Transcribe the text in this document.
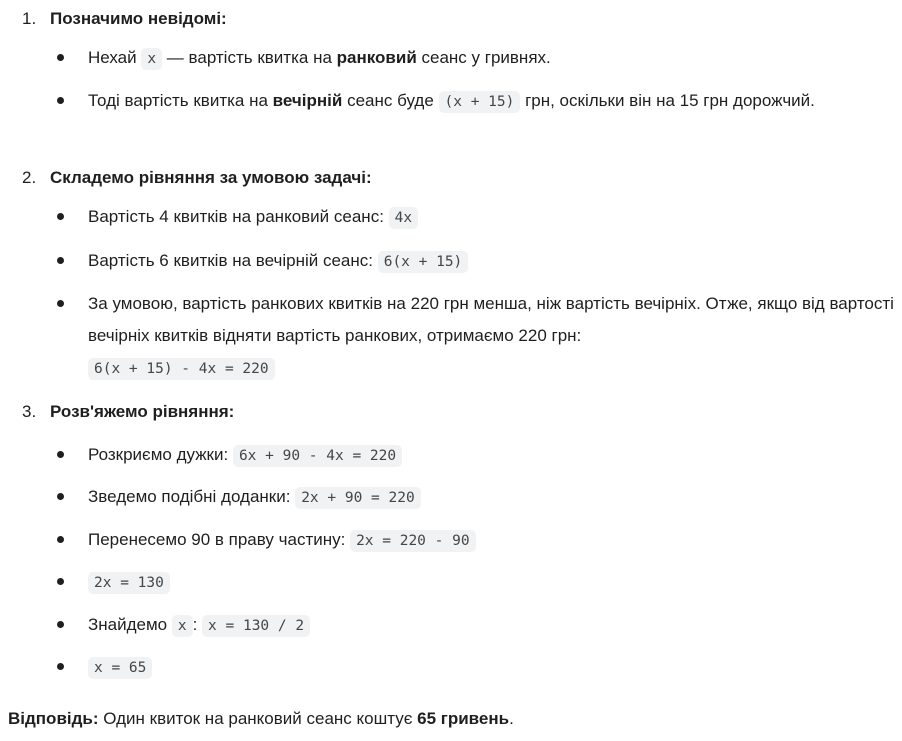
1. Позначимо невідомі:
Нехай x — вартість квитка на ранковий сеанс у гривнях.
Тоді вартість квитка на вечірній сеанс буде (x + 15) грн, оскільки він на 15 грн дорожчий.
2. Складемо рівняння за умовою задачі:
Вартість 4 квитків на ранковий сеанс: 4x
Вартість 6 квитків на вечірній сеанс: 6(x + 15)
За умовою, вартість ранкових квитків на 220 грн менша, ніж вартість вечірніх. Отже, якщо від вартості вечірніх квитків відняти вартість ранкових, отримаємо 220 грн:
6(x + 15) - 4x = 220
3. Розв'яжемо рівняння:
Розкриємо дужки: 6x + 90 - 4x = 220
Зведемо подібні доданки: 2x + 90 = 220
Перенесемо 90 в праву частину: 2x = 220 - 90
2x = 130
Знайдемо x : x = 130 / 2
x = 65
Відповідь: Один квиток на ранковий сеанс коштує 65 гривень.
